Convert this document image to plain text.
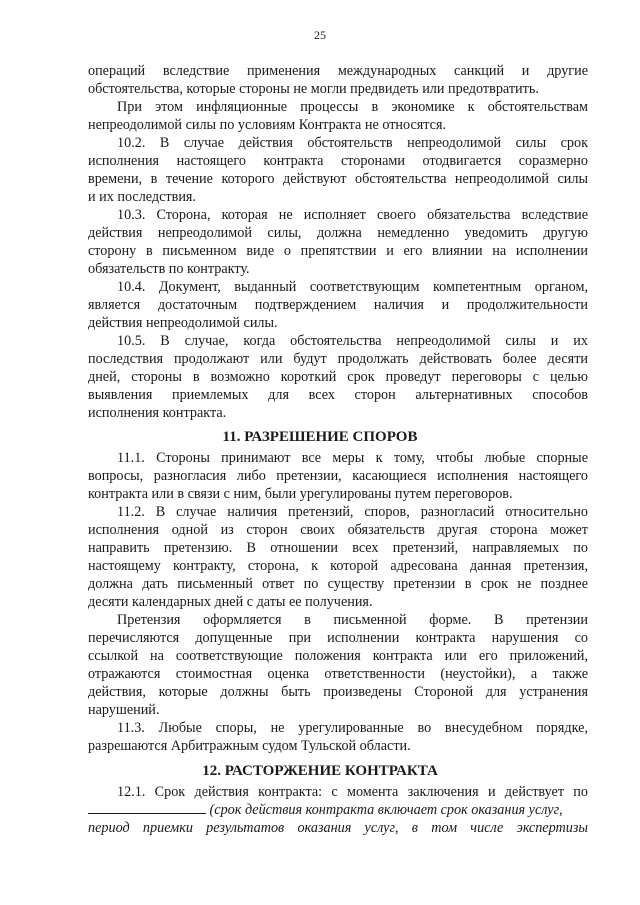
25
операций вследствие применения международных санкций и другие
обстоятельства, которые стороны не могли предвидеть или предотвратить.
При этом инфляционные процессы в экономике к обстоятельствам
непреодолимой силы по условиям Контракта не относятся.
10.2. В случае действия обстоятельств непреодолимой силы срок
исполнения настоящего контракта сторонами отодвигается соразмерно
времени, в течение которого действуют обстоятельства непреодолимой силы
и их последствия.
10.3. Сторона, которая не исполняет своего обязательства вследствие
действия непреодолимой силы, должна немедленно уведомить другую
сторону в письменном виде о препятствии и его влиянии на исполнении
обязательств по контракту.
10.4. Документ, выданный соответствующим компетентным органом,
является достаточным подтверждением наличия и продолжительности
действия непреодолимой силы.
10.5. В случае, когда обстоятельства непреодолимой силы и их
последствия продолжают или будут продолжать действовать более десяти
дней, стороны в возможно короткий срок проведут переговоры с целью
выявления приемлемых для всех сторон альтернативных способов
исполнения контракта.
11. РАЗРЕШЕНИЕ СПОРОВ
11.1. Стороны принимают все меры к тому, чтобы любые спорные
вопросы, разногласия либо претензии, касающиеся исполнения настоящего
контракта или в связи с ним, были урегулированы путем переговоров.
11.2. В случае наличия претензий, споров, разногласий относительно
исполнения одной из сторон своих обязательств другая сторона может
направить претензию. В отношении всех претензий, направляемых по
настоящему контракту, сторона, к которой адресована данная претензия,
должна дать письменный ответ по существу претензии в срок не позднее
десяти календарных дней с даты ее получения.
Претензия оформляется в письменной форме. В претензии
перечисляются допущенные при исполнении контракта нарушения со
ссылкой на соответствующие положения контракта или его приложений,
отражаются стоимостная оценка ответственности (неустойки), а также
действия, которые должны быть произведены Стороной для устранения
нарушений.
11.3. Любые споры, не урегулированные во внесудебном порядке,
разрешаются Арбитражным судом Тульской области.
12. РАСТОРЖЕНИЕ КОНТРАКТА
12.1. Срок действия контракта: с момента заключения и действует по
(срок действия контракта включает срок оказания услуг,
период приемки результатов оказания услуг, в том числе экспертизы
